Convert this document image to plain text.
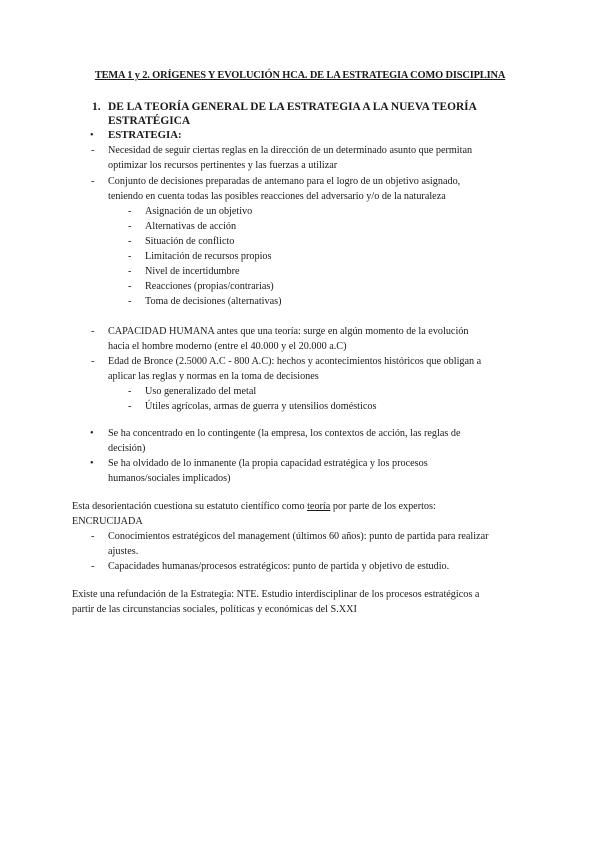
TEMA 1 y 2. ORÍGENES Y EVOLUCIÓN HCA. DE LA ESTRATEGIA COMO DISCIPLINA
1. DE LA TEORÍA GENERAL DE LA ESTRATEGIA A LA NUEVA TEORÍA
ESTRATÉGICA
• ESTRATEGIA:
- Necesidad de seguir ciertas reglas en la dirección de un determinado asunto que permitan
optimizar los recursos pertinentes y las fuerzas a utilizar
- Conjunto de decisiones preparadas de antemano para el logro de un objetivo asignado,
teniendo en cuenta todas las posibles reacciones del adversario y/o de la naturaleza
- Asignación de un objetivo
- Alternativas de acción
- Situación de conflicto
- Limitación de recursos propios
- Nivel de incertidumbre
- Reacciones (propias/contrarias)
- Toma de decisiones (alternativas)
- CAPACIDAD HUMANA antes que una teoría: surge en algún momento de la evolución
hacia el hombre moderno (entre el 40.000 y el 20.000 a.C)
- Edad de Bronce (2.5000 A.C - 800 A.C): hechos y acontecimientos históricos que obligan a
aplicar las reglas y normas en la toma de decisiones
- Uso generalizado del metal
- Útiles agrícolas, armas de guerra y utensilios domésticos
• Se ha concentrado en lo contingente (la empresa, los contextos de acción, las reglas de
decisión)
• Se ha olvidado de lo inmanente (la propia capacidad estratégica y los procesos
humanos/sociales implicados)
Esta desorientación cuestiona su estatuto científico como teoría por parte de los expertos:
ENCRUCIJADA
- Conocimientos estratégicos del management (últimos 60 años): punto de partida para realizar
ajustes.
- Capacidades humanas/procesos estratégicos: punto de partida y objetivo de estudio.
Existe una refundación de la Estrategia: NTE. Estudio interdisciplinar de los procesos estratégicos a
partir de las circunstancias sociales, políticas y económicas del S.XXI
